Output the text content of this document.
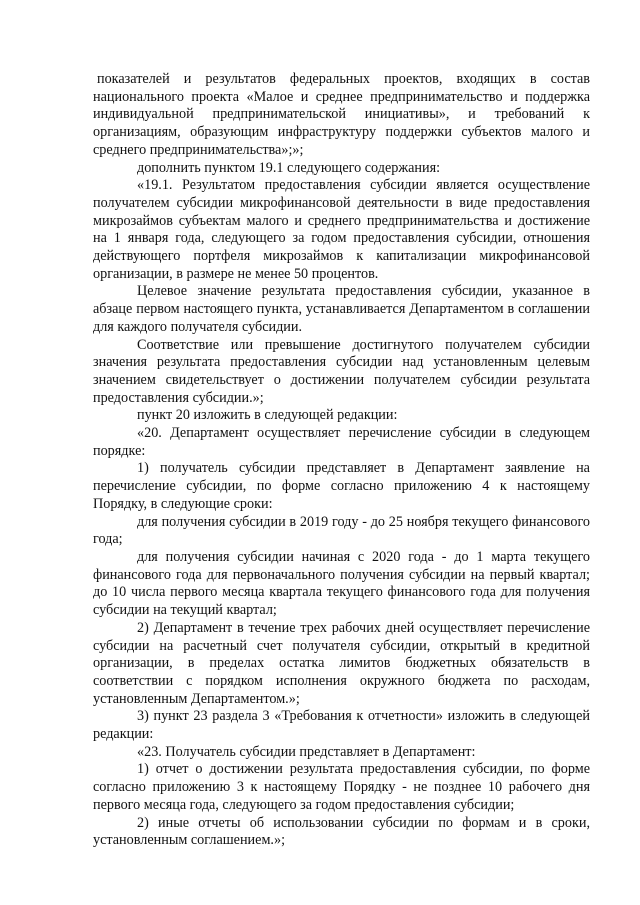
показателей и результатов федеральных проектов, входящих в состав национального проекта «Малое и среднее предпринимательство и поддержка индивидуальной предпринимательской инициативы», и требований к организациям, образующим инфраструктуру поддержки субъектов малого и среднего предпринимательства»;»;

дополнить пунктом 19.1 следующего содержания:

«19.1. Результатом предоставления субсидии является осуществление получателем субсидии микрофинансовой деятельности в виде предоставления микрозаймов субъектам малого и среднего предпринимательства и достижение на 1 января года, следующего за годом предоставления субсидии, отношения действующего портфеля микрозаймов к капитализации микрофинансовой организации, в размере не менее 50 процентов.

Целевое значение результата предоставления субсидии, указанное в абзаце первом настоящего пункта, устанавливается Департаментом в соглашении для каждого получателя субсидии.

Соответствие или превышение достигнутого получателем субсидии значения результата предоставления субсидии над установленным целевым значением свидетельствует о достижении получателем субсидии результата предоставления субсидии.»;

пункт 20 изложить в следующей редакции:

«20. Департамент осуществляет перечисление субсидии в следующем порядке:

1) получатель субсидии представляет в Департамент заявление на перечисление субсидии, по форме согласно приложению 4 к настоящему Порядку, в следующие сроки:

для получения субсидии в 2019 году - до 25 ноября текущего финансового года;

для получения субсидии начиная с 2020 года - до 1 марта текущего финансового года для первоначального получения субсидии на первый квартал; до 10 числа первого месяца квартала текущего финансового года для получения субсидии на текущий квартал;

2) Департамент в течение трех рабочих дней осуществляет перечисление субсидии на расчетный счет получателя субсидии, открытый в кредитной организации, в пределах остатка лимитов бюджетных обязательств в соответствии с порядком исполнения окружного бюджета по расходам, установленным Департаментом.»;

3) пункт 23 раздела 3 «Требования к отчетности» изложить в следующей редакции:

«23. Получатель субсидии представляет в Департамент:

1) отчет о достижении результата предоставления субсидии, по форме согласно приложению 3 к настоящему Порядку - не позднее 10 рабочего дня первого месяца года, следующего за годом предоставления субсидии;

2) иные отчеты об использовании субсидии по формам и в сроки, установленным соглашением.»;
